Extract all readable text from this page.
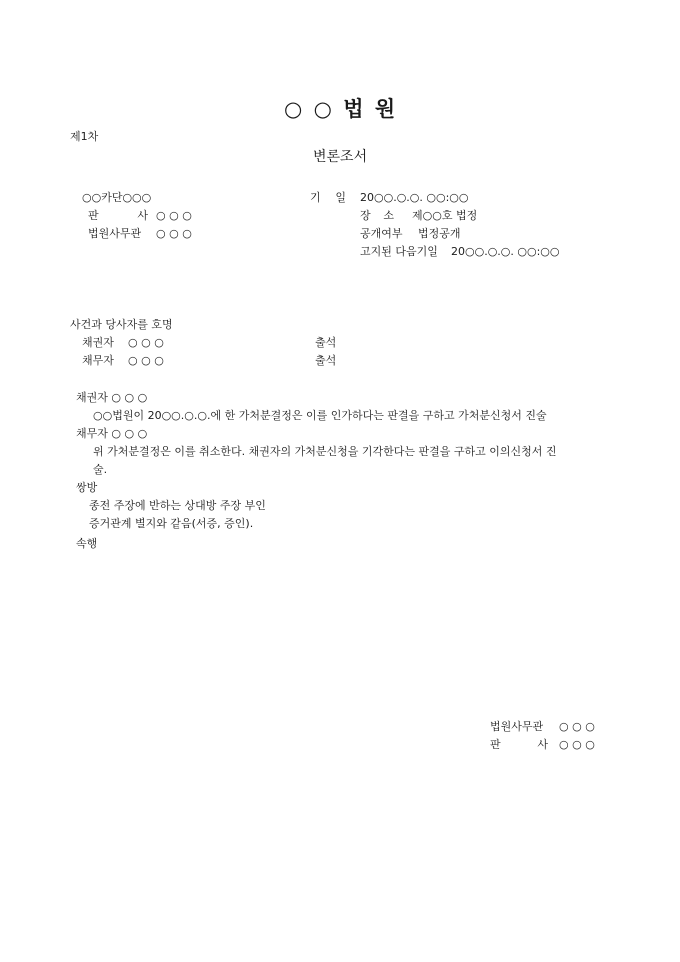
○ ○ 법 원
제1차
변론조서
○○카단○○○
판	사 ○ ○ ○
법원사무관 ○ ○ ○
기 일 20○○.○.○. ○○:○○
장 소 제○○호 법정
공개여부 법정공개
고지된 다음기일 20○○.○.○. ○○:○○
사건과 당사자를 호명
채권자 ○ ○ ○	출석
채무자 ○ ○ ○	출석
채권자 ○ ○ ○
○○법원이 20○○.○.○.에 한 가처분결정은 이를 인가하다는 판결을 구하고 가처분신청서 진술
채무자 ○ ○ ○
위 가처분결정은 이를 취소한다. 채권자의 가처분신청을 기각한다는 판결을 구하고 이의신청서 진
술.
쌍방
종전 주장에 반하는 상대방 주장 부인
증거관계 별지와 같음(서증, 증인).
속행
법원사무관 ○ ○ ○
판	사 ○ ○ ○
